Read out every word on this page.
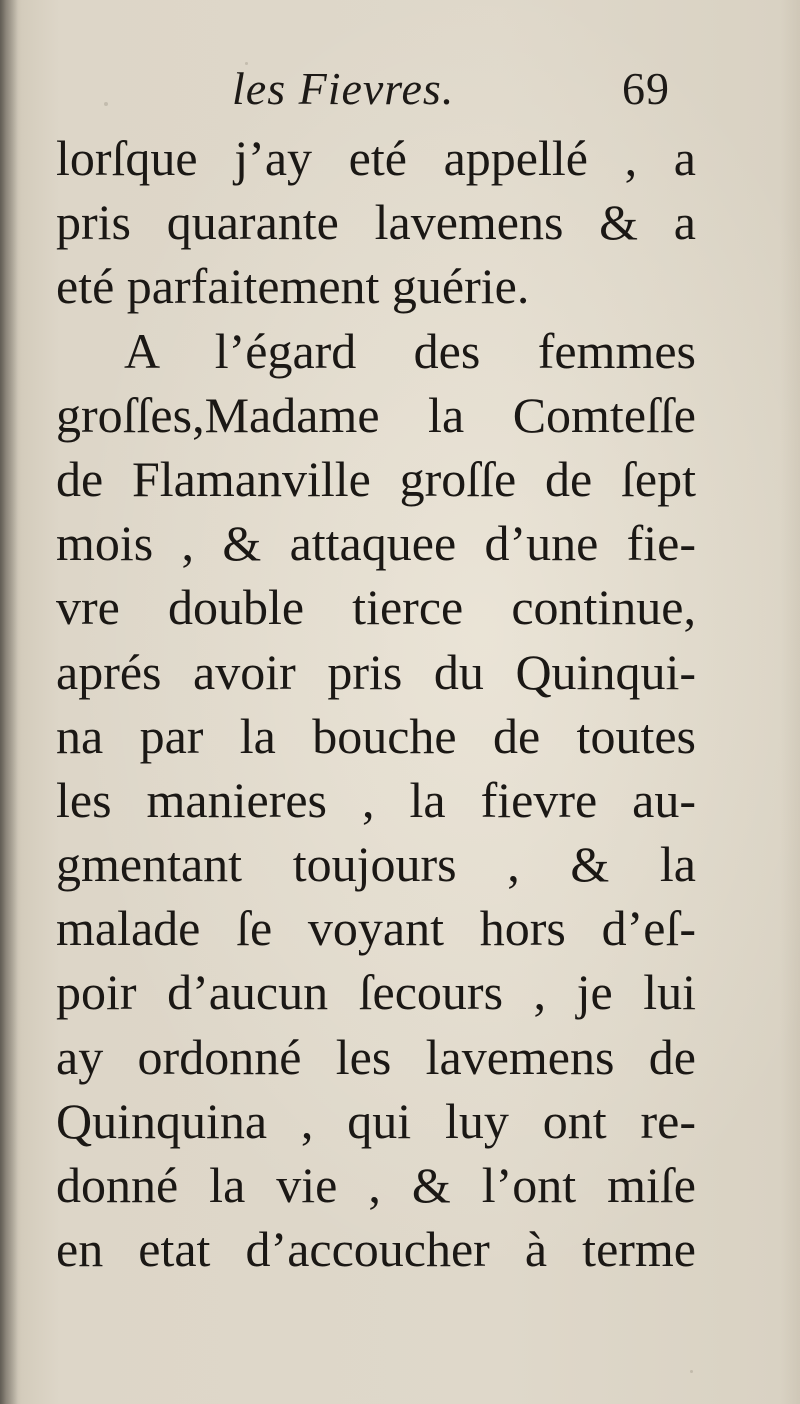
les Fievres.	69
lorſque j’ay eté appellé , a
pris quarante lavemens & a
eté parfaitement guérie.
A l’égard des femmes
groſſes,Madame la Comteſſe
de Flamanville groſſe de ſept
mois , & attaquee d’une fie-
vre double tierce continue,
aprés avoir pris du Quinqui-
na par la bouche de toutes
les manieres , la fievre au-
gmentant toujours , & la
malade ſe voyant hors d’eſ-
poir d’aucun ſecours , je lui
ay ordonné les lavemens de
Quinquina , qui luy ont re-
donné la vie , & l’ont miſe
en etat d’accoucher à terme
